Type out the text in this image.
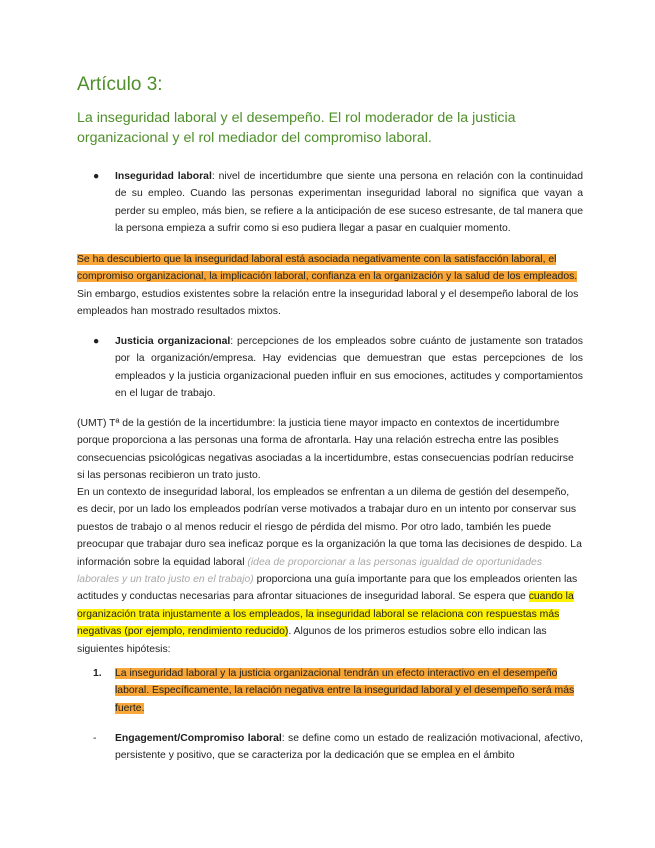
Artículo 3:
La inseguridad laboral y el desempeño. El rol moderador de la justicia organizacional y el rol mediador del compromiso laboral.
●	Inseguridad laboral: nivel de incertidumbre que siente una persona en relación con la continuidad de su empleo. Cuando las personas experimentan inseguridad laboral no significa que vayan a perder su empleo, más bien, se refiere a la anticipación de ese suceso estresante, de tal manera que la persona empieza a sufrir como si eso pudiera llegar a pasar en cualquier momento.

Se ha descubierto que la inseguridad laboral está asociada negativamente con la satisfacción laboral, el compromiso organizacional, la implicación laboral, confianza en la organización y la salud de los empleados. Sin embargo, estudios existentes sobre la relación entre la inseguridad laboral y el desempeño laboral de los empleados han mostrado resultados mixtos.

●	Justicia organizacional: percepciones de los empleados sobre cuánto de justamente son tratados por la organización/empresa. Hay evidencias que demuestran que estas percepciones de los empleados y la justicia organizacional pueden influir en sus emociones, actitudes y comportamientos en el lugar de trabajo.

(UMT) Tª de la gestión de la incertidumbre: la justicia tiene mayor impacto en contextos de incertidumbre porque proporciona a las personas una forma de afrontarla. Hay una relación estrecha entre las posibles consecuencias psicológicas negativas asociadas a la incertidumbre, estas consecuencias podrían reducirse si las personas recibieron un trato justo.

En un contexto de inseguridad laboral, los empleados se enfrentan a un dilema de gestión del desempeño, es decir, por un lado los empleados podrían verse motivados a trabajar duro en un intento por conservar sus puestos de trabajo o al menos reducir el riesgo de pérdida del mismo. Por otro lado, también les puede preocupar que trabajar duro sea ineficaz porque es la organización la que toma las decisiones de despido. La información sobre la equidad laboral (idea de proporcionar a las personas igualdad de oportunidades laborales y un trato justo en el trabajo) proporciona una guía importante para que los empleados orienten las actitudes y conductas necesarias para afrontar situaciones de inseguridad laboral. Se espera que cuando la organización trata injustamente a los empleados, la inseguridad laboral se relaciona con respuestas más negativas (por ejemplo, rendimiento reducido). Algunos de los primeros estudios sobre ello indican las siguientes hipótesis:

1.	La inseguridad laboral y la justicia organizacional tendrán un efecto interactivo en el desempeño laboral. Específicamente, la relación negativa entre la inseguridad laboral y el desempeño será más fuerte.

-	Engagement/Compromiso laboral: se define como un estado de realización motivacional, afectivo, persistente y positivo, que se caracteriza por la dedicación que se emplea en el ámbito
